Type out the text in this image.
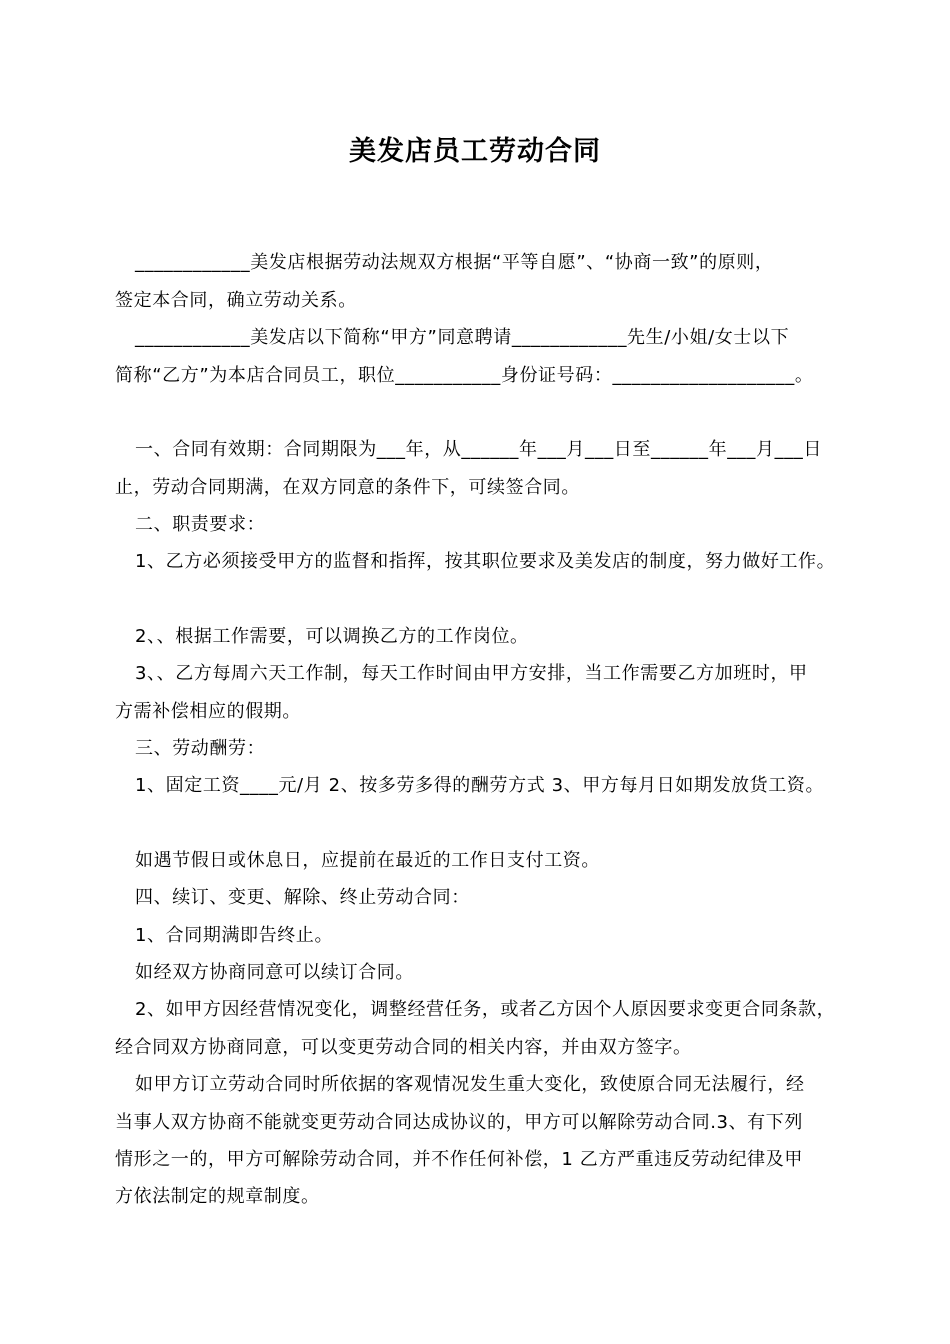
美发店员工劳动合同
____________美发店根据劳动法规双方根据“平等自愿”、“协商一致”的原则，
签定本合同，确立劳动关系。
____________美发店以下简称“甲方”同意聘请____________先生/小姐/女士以下
简称“乙方”为本店合同员工，职位___________身份证号码：___________________。
一、合同有效期：合同期限为___年，从______年___月___日至______年___月___日
止，劳动合同期满，在双方同意的条件下，可续签合同。
二、职责要求：
1、乙方必须接受甲方的监督和指挥，按其职位要求及美发店的制度，努力做好工作。
2、、根据工作需要，可以调换乙方的工作岗位。
3、、乙方每周六天工作制，每天工作时间由甲方安排，当工作需要乙方加班时，甲
方需补偿相应的假期。
三、劳动酬劳：
1、固定工资____元/月 2、按多劳多得的酬劳方式 3、甲方每月日如期发放货工资。
如遇节假日或休息日，应提前在最近的工作日支付工资。
四、续订、变更、解除、终止劳动合同：
1、合同期满即告终止。
如经双方协商同意可以续订合同。
2、如甲方因经营情况变化，调整经营任务，或者乙方因个人原因要求变更合同条款，
经合同双方协商同意，可以变更劳动合同的相关内容，并由双方签字。
如甲方订立劳动合同时所依据的客观情况发生重大变化，致使原合同无法履行，经
当事人双方协商不能就变更劳动合同达成协议的，甲方可以解除劳动合同.3、有下列
情形之一的，甲方可解除劳动合同，并不作任何补偿，1 乙方严重违反劳动纪律及甲
方依法制定的规章制度。
